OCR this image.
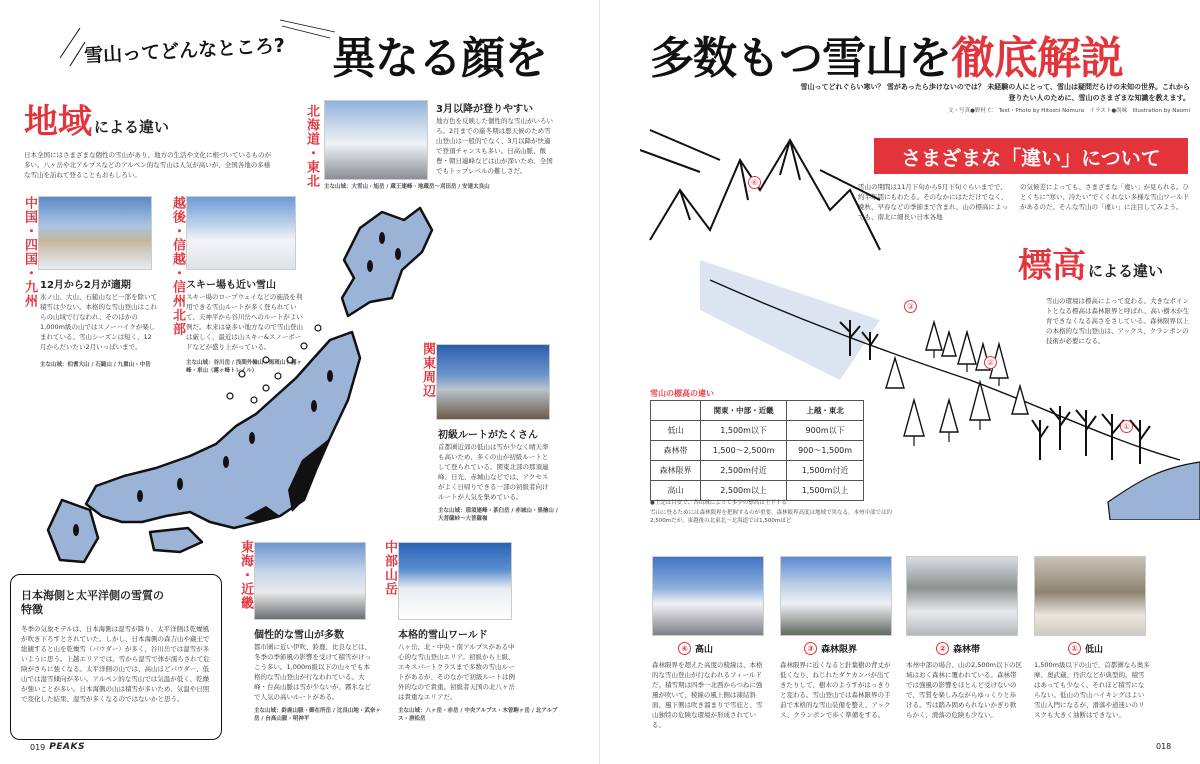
雪山ってどんなところ? 異なる顔を
地域 による違い
日本全国にはさまざまな個性の雪山があり、地方の生活や文化に根づいているものが多い。八ヶ岳や北アルプスなどのアルペン的な雪山は人気が高いが、全国各地の多様な雪山を訪ねて登ることもおもしろい。
中国・四国・九州	越後・信越・信州北部
北海道・東北
関東周辺
東海・近畿	中部山岳
12月から2月が適期
氷ノ山、大山、石鎚山など一部を除いて積雪は少ない。本格的な雪山登山はこれらの山域で行なわれ、そのほかの1,000m級の山ではスノーハイクが楽しまれている。雪山シーズンは短く、12月からだいたい2月いっぱいまで。
主な山域：伯耆大山 / 石鎚山 / 九重山・中岳
スキー場も近い雪山
スキー場のロープウェイなどの施設を利用できる雪山ルートが多く登られていて、天神平から谷川岳へのルートがよい例だ。本来は豪多い地方なので雪山登山は厳しく、最近は山スキー&スノーボードなどが盛り上がっている。
主な山域：谷川岳 / 浅間外輪山・黒斑山 / 霧ヶ峰・車山（霧ヶ峰トレイル）
3月以降が登りやすい
地方色を反映した個性的な雪山がいろいろ。2月までの厳冬期は悪天候のため雪山登山は一般的でなく、3月以降が快適で登頂チャンスも多い。日高山脈、飯豊・朝日連峰などは山が深いため、全国でもトップレベルの難しさだ。
主な山域：大雪山・旭岳 / 蔵王連峰・地蔵岳～刈田岳 / 安達太良山
初級ルートがたくさん
首都圏近郊の低山は雪が少なく晴天率も高いため、多くの山が初級ルートとして登られている。関東北部の那須連峰、日光、赤城山などでは、アクセスがよく日帰りできる一部の初級者向けルートが人気を集めている。
主な山域：那須連峰・茶臼岳 / 赤城山・黒檜山 / 大菩薩峠～大菩薩嶺
個性的な雪山が多数
都市圏に近い伊吹、鈴鹿、比良などは、冬季の季節風の影響を受けて積雪がけっこう多い。1,000m級以下の山々でも本格的な雪山登山が行なわれている。大峰・台高山脈は雪が少ないが、霧氷などで人気の高いルートがある。
主な山域：鈴鹿山脈・御在所岳 / 比良山地・武奈ヶ岳 / 台高山脈・明神平
本格的雪山ワールド
八ヶ岳、北・中央・南アルプスがある中心的な雪山登山エリア。初級から上級、エキスパートクラスまで多数の雪山ルートがあるが、そのなかで初級ルートは例外的なので貴重。初級者天国の北八ヶ岳は貴重なエリアだ。
主な山域：八ヶ岳・赤岳 / 中央アルプス・木曽駒ヶ岳 / 北アルプス・唐松岳
日本海側と太平洋側の雪質の特徴
冬季の気象モデルは、日本海側は湿雪が降り、太平洋側は乾燥風が吹き下ろすとされていた。しかし、日本海側の森吉山や蔵王で総観すると山を乾燥雪（パウダー）が多く、谷川岳では湿雪が多いように思う。上越エリアでは、雪から湿雪で体が濡らされて危険がさらに強くなる。太平洋側の山では、高山ほどパウダー、低山では湿雪傾向が多い。アルペン的な雪山では気温が低く、乾燥が強いことが多い。日本海側の山は積雪が多いため、気温や日照で変化した結果、湿雪が多くなるのではないかと思う。
019 PEAKS
多数もつ雪山を徹底解説
雪山ってどれぐらい寒い？ 雪があったら歩けないのでは？ 未経験の人にとって、雪山は疑問だらけの未知の世界。これから登りたい人のために、雪山のさまざまな知識を教えます。
文・写真●野村 仁　Text・Photo by Hitoshi Nomura　イラスト●尚味　Illustration by Naomi
さまざまな「違い」について
雪山の期間は11月下旬から5月下旬ぐらいまでで、約半年間にもわたる。そのなかにはただけでなく、晩秋、早春などの季節まで含まれ、山の標高によっても、南北に細長い日本各地
の気候差によっても、さまざまな「違い」が見られる。ひとくちに“寒い、冷たい”でくくれない多様な雪山ワールドがあるのだ。そんな雪山の「違い」に注目してみよう。
標高 による違い
雪山の環境は標高によって変わる。大きなポイントとなる標高は森林限界と呼ばれ、高い樹木が生育できなくなる高さをさしている。森林限界以上の本格的な雪山登山は、アックス、クランポンの技術が必要になる。
④
③
②
①
雪山の標高の違い
	関東・中部・近畿	上越・東北
低山	1,500m以下	900m以下
森林帯	1,500～2,500m	900～1,500m
森林限界	2,500m付近	1,500m付近
高山	2,500m以上	1,500m以上
●上記は目安で、各山域によって多少の標高は上下する
雪山に登るためには森林限界を把握するのが重要。森林限界高度は地域で異なる。本州中部では約2,500mだが、東越後の北東北～北海道では1,500mほど
④ 高山	③ 森林限界	② 森林帯	① 低山
森林限界を超えた高度の稜線は、本格的な雪山登山が行なわれるフィールドだ。積雪期は四季一北西からつねに強風が吹いて、稜線の風上側は凍結斜面、風下側は吹き溜まりで雪庇と、雪山独特の危険な環境が形成されている。
森林限界に近くなると針葉樹の背丈が低くなり、ねじれたダケカンバが出てきたりして、樹木のようすがはっきりと変わる。雪山登山では森林限界の手前で本格的な雪山装備を整え、アックス、クランポンで歩く準備をする。
本州中部の場合、山の2,500m以下の区域はおく森林に覆われている。森林帯では強風の影響をほとんど受けないので、雪質を楽しみながらゆっくりと歩ける。雪は踏み固められないかぎり軟らかく、滑落の危険も少ない。
1,500m級以下の山で、首都圏なら奥多摩、奥武蔵、丹沢などが典型的。積雪はあっても少なく、それほど積雪にならない。低山の雪山ハイキングはよい雪山入門になるが、滑落や道迷いのリスクも大きく油断はできない。
018
